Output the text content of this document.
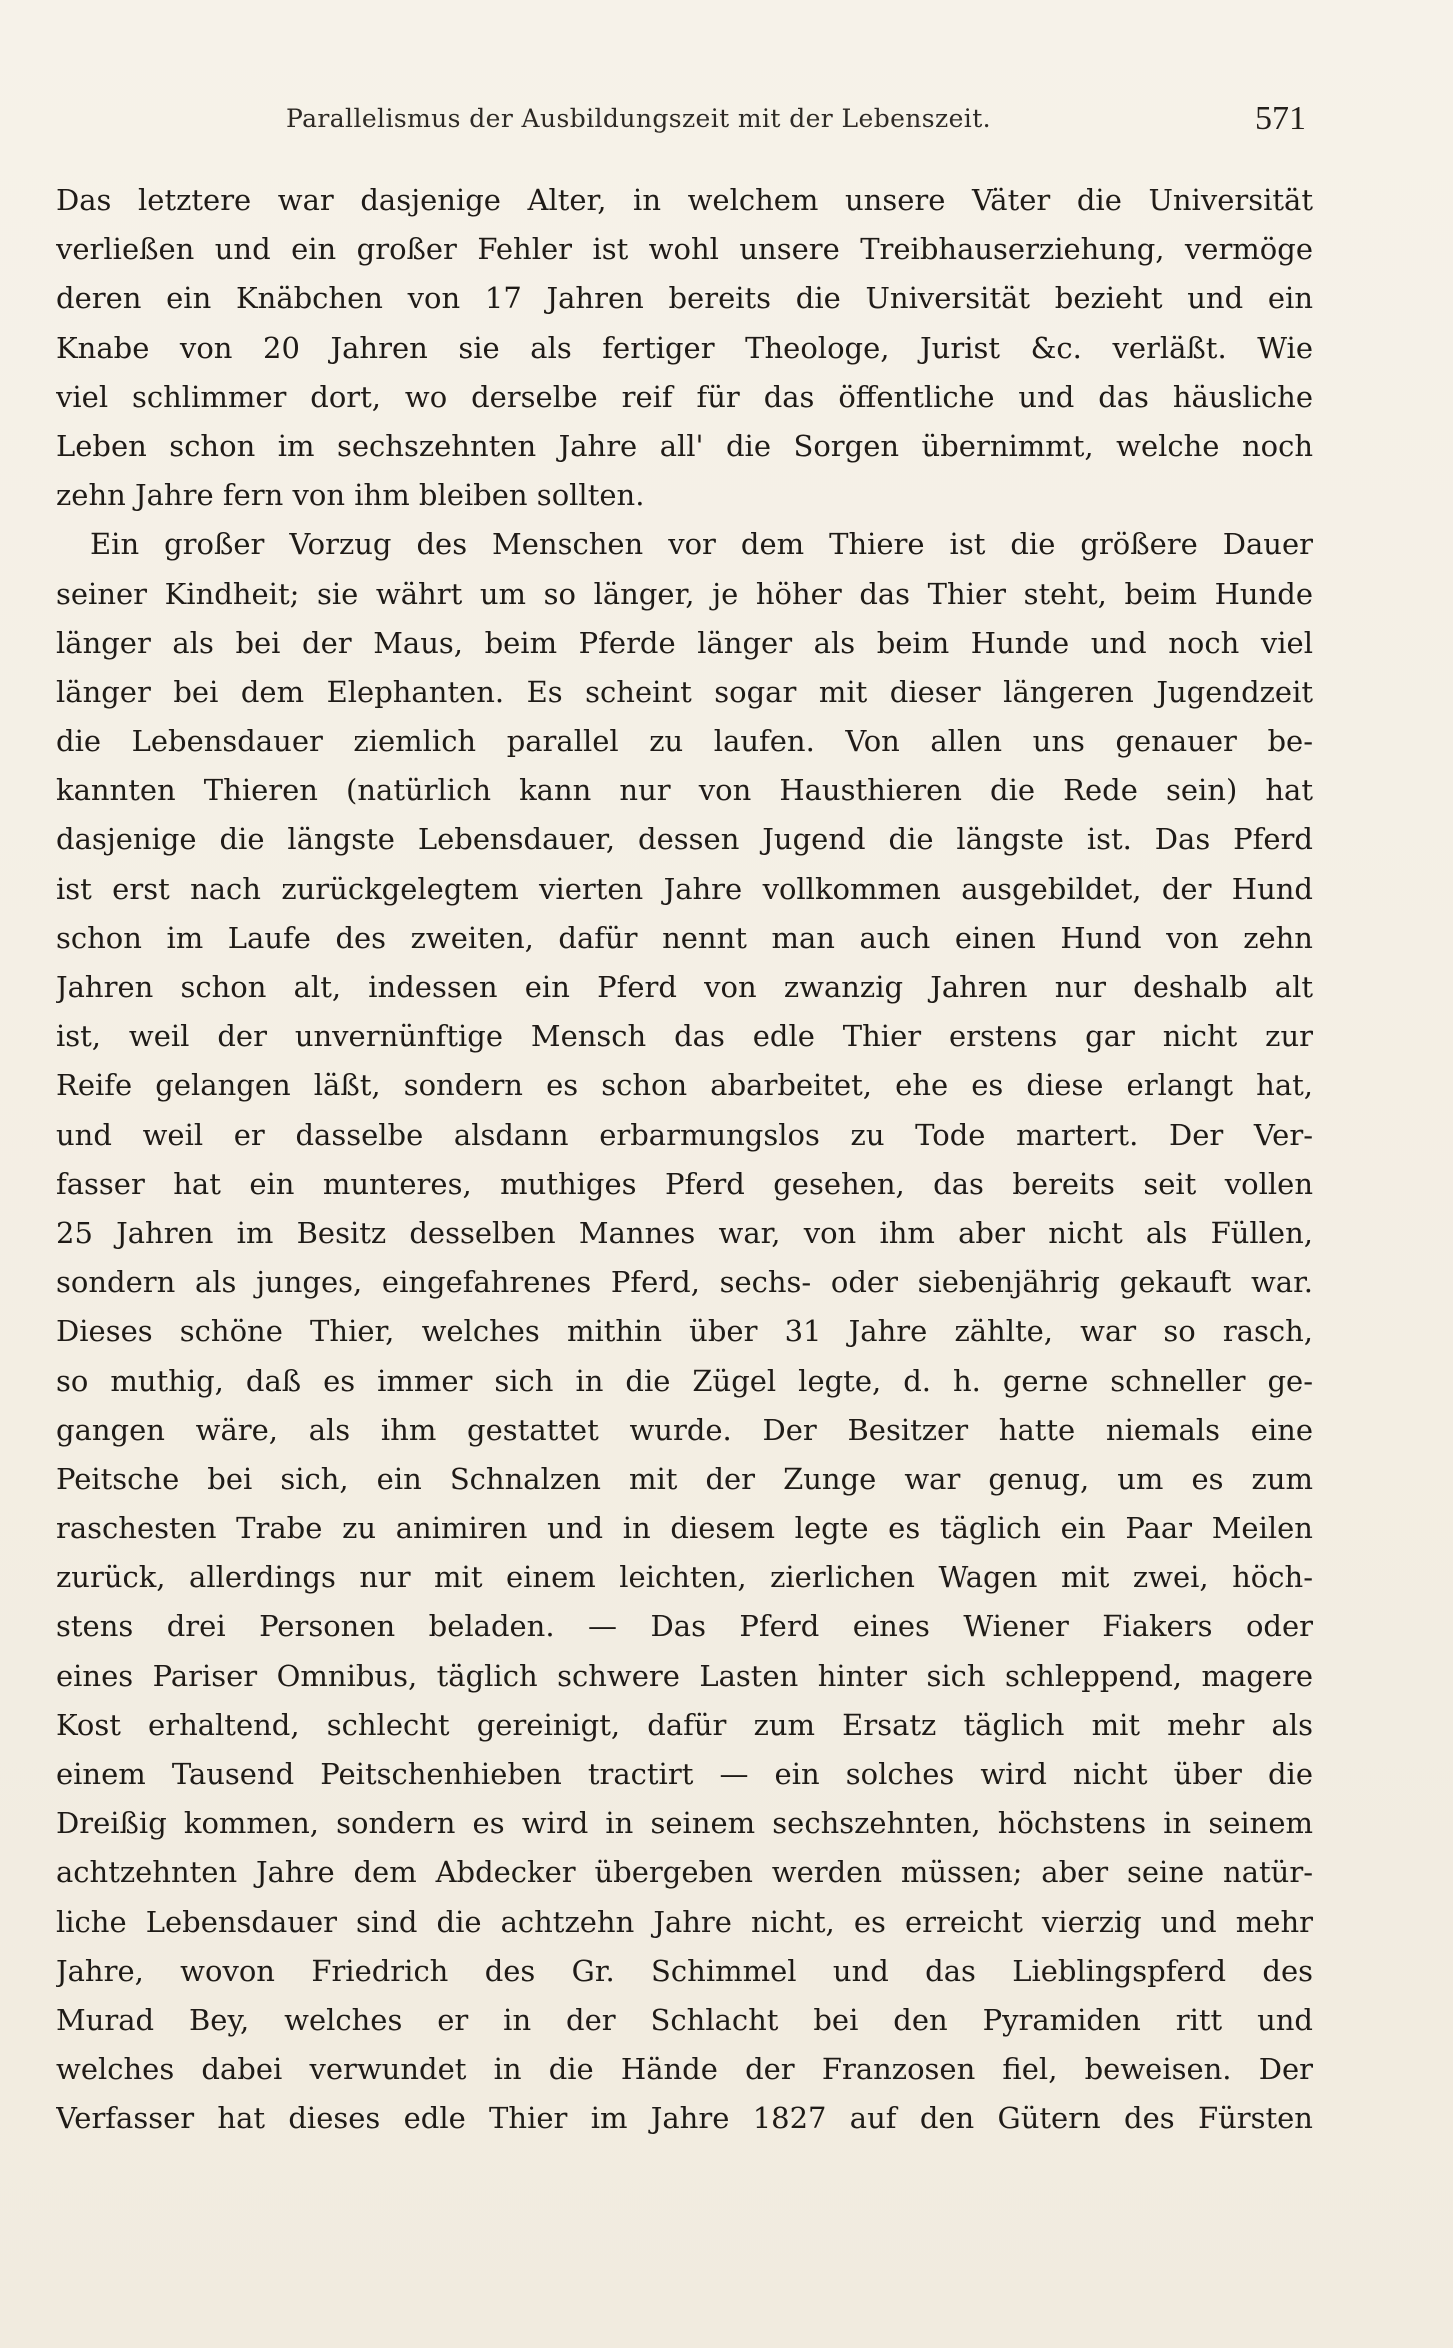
Parallelismus der Ausbildungszeit mit der Lebenszeit.	571
Das letztere war dasjenige Alter, in welchem unsere Väter die Universität
verließen und ein großer Fehler ist wohl unsere Treibhauserziehung, vermöge
deren ein Knäbchen von 17 Jahren bereits die Universität bezieht und ein
Knabe von 20 Jahren sie als fertiger Theologe, Jurist &c. verläßt. Wie
viel schlimmer dort, wo derselbe reif für das öffentliche und das häusliche
Leben schon im sechszehnten Jahre all' die Sorgen übernimmt, welche noch
zehn Jahre fern von ihm bleiben sollten.
Ein großer Vorzug des Menschen vor dem Thiere ist die größere Dauer
seiner Kindheit; sie währt um so länger, je höher das Thier steht, beim Hunde
länger als bei der Maus, beim Pferde länger als beim Hunde und noch viel
länger bei dem Elephanten. Es scheint sogar mit dieser längeren Jugendzeit
die Lebensdauer ziemlich parallel zu laufen. Von allen uns genauer be-
kannten Thieren (natürlich kann nur von Hausthieren die Rede sein) hat
dasjenige die längste Lebensdauer, dessen Jugend die längste ist. Das Pferd
ist erst nach zurückgelegtem vierten Jahre vollkommen ausgebildet, der Hund
schon im Laufe des zweiten, dafür nennt man auch einen Hund von zehn
Jahren schon alt, indessen ein Pferd von zwanzig Jahren nur deshalb alt
ist, weil der unvernünftige Mensch das edle Thier erstens gar nicht zur
Reife gelangen läßt, sondern es schon abarbeitet, ehe es diese erlangt hat,
und weil er dasselbe alsdann erbarmungslos zu Tode martert. Der Ver-
fasser hat ein munteres, muthiges Pferd gesehen, das bereits seit vollen
25 Jahren im Besitz desselben Mannes war, von ihm aber nicht als Füllen,
sondern als junges, eingefahrenes Pferd, sechs- oder siebenjährig gekauft war.
Dieses schöne Thier, welches mithin über 31 Jahre zählte, war so rasch,
so muthig, daß es immer sich in die Zügel legte, d. h. gerne schneller ge-
gangen wäre, als ihm gestattet wurde. Der Besitzer hatte niemals eine
Peitsche bei sich, ein Schnalzen mit der Zunge war genug, um es zum
raschesten Trabe zu animiren und in diesem legte es täglich ein Paar Meilen
zurück, allerdings nur mit einem leichten, zierlichen Wagen mit zwei, höch-
stens drei Personen beladen. — Das Pferd eines Wiener Fiakers oder
eines Pariser Omnibus, täglich schwere Lasten hinter sich schleppend, magere
Kost erhaltend, schlecht gereinigt, dafür zum Ersatz täglich mit mehr als
einem Tausend Peitschenhieben tractirt — ein solches wird nicht über die
Dreißig kommen, sondern es wird in seinem sechszehnten, höchstens in seinem
achtzehnten Jahre dem Abdecker übergeben werden müssen; aber seine natür-
liche Lebensdauer sind die achtzehn Jahre nicht, es erreicht vierzig und mehr
Jahre, wovon Friedrich des Gr. Schimmel und das Lieblingspferd des
Murad Bey, welches er in der Schlacht bei den Pyramiden ritt und
welches dabei verwundet in die Hände der Franzosen fiel, beweisen. Der
Verfasser hat dieses edle Thier im Jahre 1827 auf den Gütern des Fürsten
